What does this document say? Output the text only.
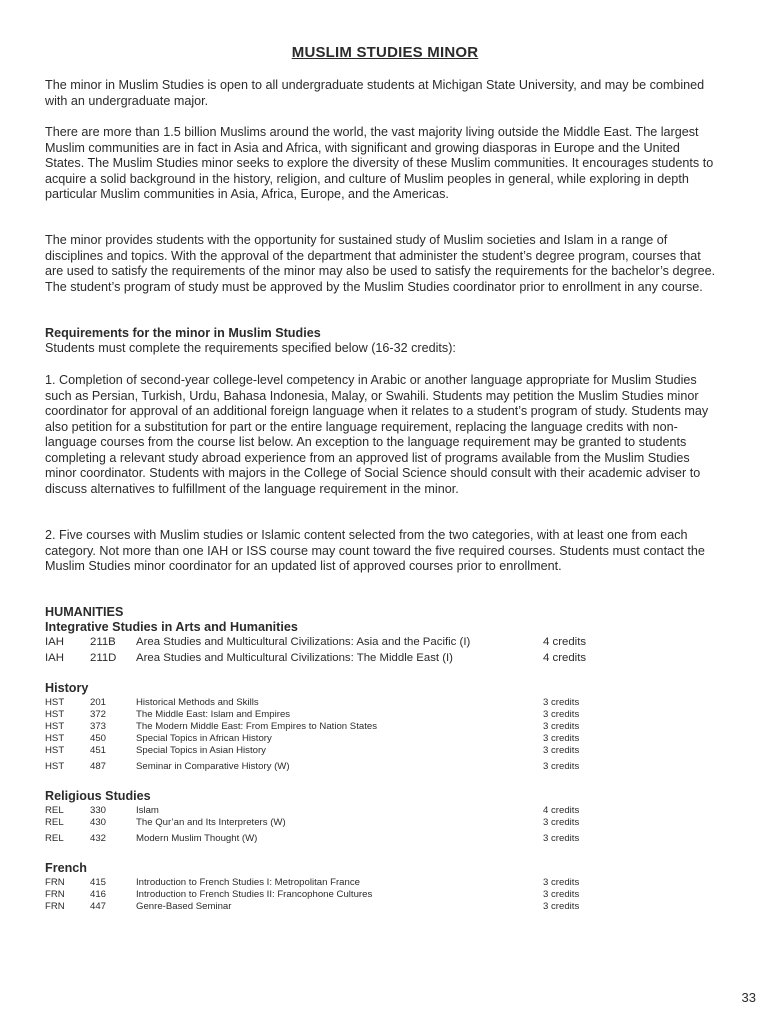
MUSLIM STUDIES MINOR

The minor in Muslim Studies is open to all undergraduate students at Michigan State University, and may be combined with an undergraduate major.

There are more than 1.5 billion Muslims around the world, the vast majority living outside the Middle East. The largest Muslim communities are in fact in Asia and Africa, with significant and growing diasporas in Europe and the United States. The Muslim Studies minor seeks to explore the diversity of these Muslim communities. It encourages students to acquire a solid background in the history, religion, and culture of Muslim peoples in general, while exploring in depth particular Muslim communities in Asia, Africa, Europe, and the Americas.

The minor provides students with the opportunity for sustained study of Muslim societies and Islam in a range of disciplines and topics. With the approval of the department that administer the student’s degree program, courses that are used to satisfy the requirements of the minor may also be used to satisfy the requirements for the bachelor’s degree. The student’s program of study must be approved by the Muslim Studies coordinator prior to enrollment in any course.

Requirements for the minor in Muslim Studies

Students must complete the requirements specified below (16-32 credits):

1. Completion of second-year college-level competency in Arabic or another language appropriate for Muslim Studies such as Persian, Turkish, Urdu, Bahasa Indonesia, Malay, or Swahili. Students may petition the Muslim Studies minor coordinator for approval of an additional foreign language when it relates to a student’s program of study. Students may also petition for a substitution for part or the entire language requirement, replacing the language credits with non-language courses from the course list below. An exception to the language requirement may be granted to students completing a relevant study abroad experience from an approved list of programs available from the Muslim Studies minor coordinator. Students with majors in the College of Social Science should consult with their academic adviser to discuss alternatives to fulfillment of the language requirement in the minor.

2. Five courses with Muslim studies or Islamic content selected from the two categories, with at least one from each category. Not more than one IAH or ISS course may count toward the five required courses. Students must contact the Muslim Studies minor coordinator for an updated list of approved courses prior to enrollment.

HUMANITIES
Integrative Studies in Arts and Humanities
IAH 211B Area Studies and Multicultural Civilizations: Asia and the Pacific (I)	4 credits
IAH 211D Area Studies and Multicultural Civilizations: The Middle East (I)	4 credits
History
HST	201	Historical Methods and Skills	3 credits
HST	372	The Middle East: Islam and Empires	3 credits
HST	373	The Modern Middle East: From Empires to Nation States	3 credits
HST	450	Special Topics in African History	3 credits
HST	451	Special Topics in Asian History	3 credits
HST	487	Seminar in Comparative History (W)	3 credits
Religious Studies
REL	330	Islam	4 credits
REL	430	The Qur’an and Its Interpreters (W)	3 credits
REL	432	Modern Muslim Thought (W)	3 credits
French
FRN	415	Introduction to French Studies I: Metropolitan France	3 credits
FRN	416	Introduction to French Studies II: Francophone Cultures	3 credits
FRN	447	Genre-Based Seminar	3 credits
33
